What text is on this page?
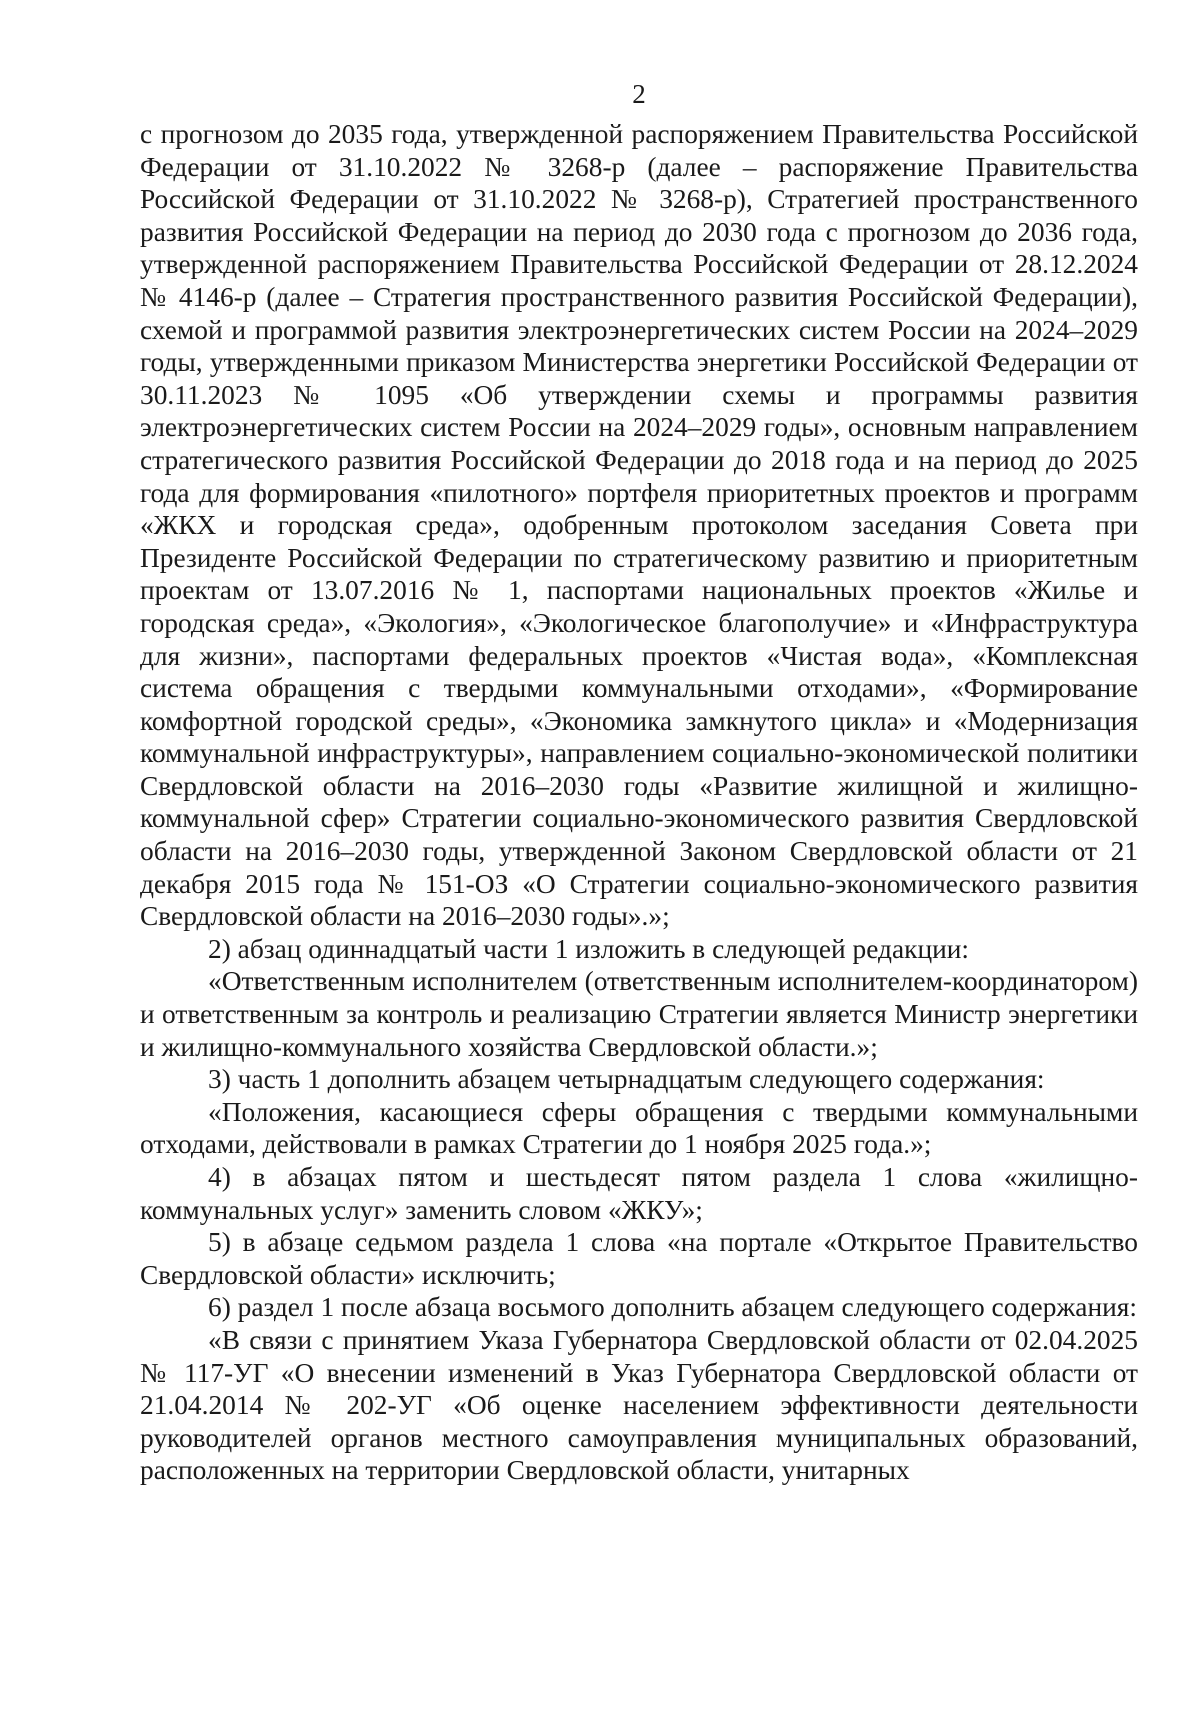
2

с прогнозом до 2035 года, утвержденной распоряжением Правительства Российской Федерации от 31.10.2022 № 3268-р (далее – распоряжение Правительства Российской Федерации от 31.10.2022 № 3268-р), Стратегией пространственного развития Российской Федерации на период до 2030 года с прогнозом до 2036 года, утвержденной распоряжением Правительства Российской Федерации от 28.12.2024 № 4146-р (далее – Стратегия пространственного развития Российской Федерации), схемой и программой развития электроэнергетических систем России на 2024–2029 годы, утвержденными приказом Министерства энергетики Российской Федерации от 30.11.2023 № 1095 «Об утверждении схемы и программы развития электроэнергетических систем России на 2024–2029 годы», основным направлением стратегического развития Российской Федерации до 2018 года и на период до 2025 года для формирования «пилотного» портфеля приоритетных проектов и программ «ЖКХ и городская среда», одобренным протоколом заседания Совета при Президенте Российской Федерации по стратегическому развитию и приоритетным проектам от 13.07.2016 № 1, паспортами национальных проектов «Жилье и городская среда», «Экология», «Экологическое благополучие» и «Инфраструктура для жизни», паспортами федеральных проектов «Чистая вода», «Комплексная система обращения с твердыми коммунальными отходами», «Формирование комфортной городской среды», «Экономика замкнутого цикла» и «Модернизация коммунальной инфраструктуры», направлением социально-экономической политики Свердловской области на 2016–2030 годы «Развитие жилищной и жилищно-коммунальной сфер» Стратегии социально-экономического развития Свердловской области на 2016–2030 годы, утвержденной Законом Свердловской области от 21 декабря 2015 года № 151-ОЗ «О Стратегии социально-экономического развития Свердловской области на 2016–2030 годы».»;

2) абзац одиннадцатый части 1 изложить в следующей редакции:

«Ответственным исполнителем (ответственным исполнителем-координатором) и ответственным за контроль и реализацию Стратегии является Министр энергетики и жилищно-коммунального хозяйства Свердловской области.»;

3) часть 1 дополнить абзацем четырнадцатым следующего содержания:

«Положения, касающиеся сферы обращения с твердыми коммунальными отходами, действовали в рамках Стратегии до 1 ноября 2025 года.»;

4) в абзацах пятом и шестьдесят пятом раздела 1 слова «жилищно-коммунальных услуг» заменить словом «ЖКУ»;

5) в абзаце седьмом раздела 1 слова «на портале «Открытое Правительство Свердловской области» исключить;

6) раздел 1 после абзаца восьмого дополнить абзацем следующего содержания:

«В связи с принятием Указа Губернатора Свердловской области от 02.04.2025 № 117-УГ «О внесении изменений в Указ Губернатора Свердловской области от 21.04.2014 № 202-УГ «Об оценке населением эффективности деятельности руководителей органов местного самоуправления муниципальных образований, расположенных на территории Свердловской области, унитарных
